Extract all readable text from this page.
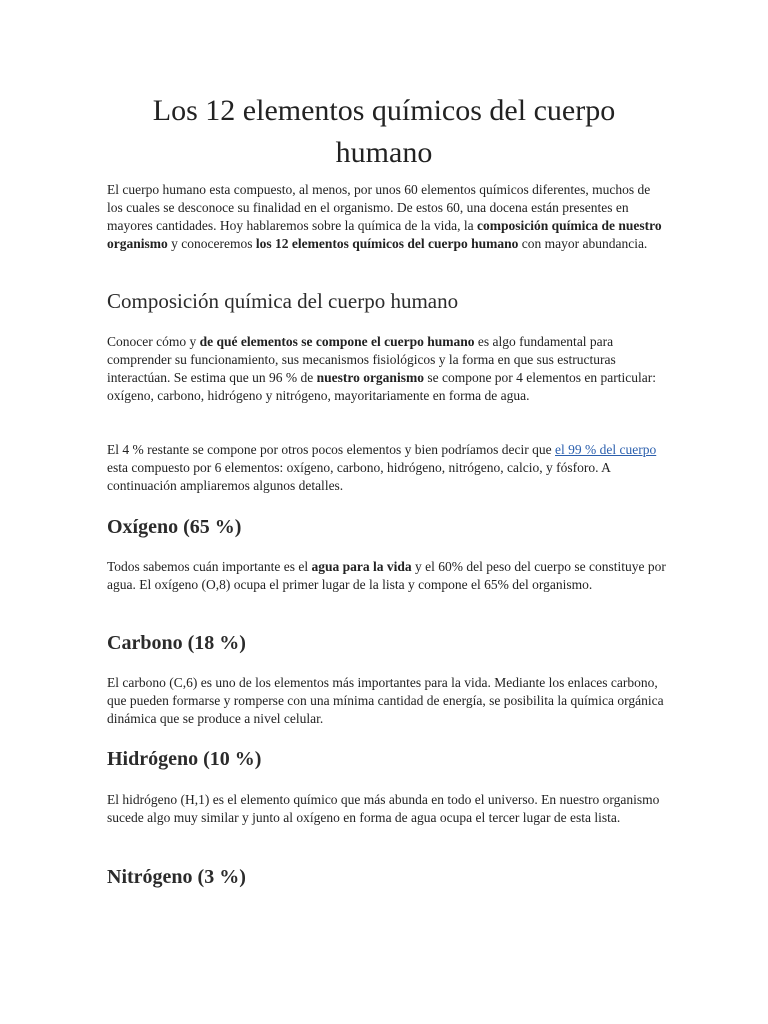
Los 12 elementos químicos del cuerpo
humano

El cuerpo humano esta compuesto, al menos, por unos 60 elementos químicos diferentes, muchos de los cuales se desconoce su finalidad en el organismo. De estos 60, una docena están presentes en mayores cantidades. Hoy hablaremos sobre la química de la vida, la composición química de nuestro organismo y conoceremos los 12 elementos químicos del cuerpo humano con mayor abundancia.

Composición química del cuerpo humano

Conocer cómo y de qué elementos se compone el cuerpo humano es algo fundamental para comprender su funcionamiento, sus mecanismos fisiológicos y la forma en que sus estructuras interactúan. Se estima que un 96 % de nuestro organismo se compone por 4 elementos en particular: oxígeno, carbono, hidrógeno y nitrógeno, mayoritariamente en forma de agua.

El 4 % restante se compone por otros pocos elementos y bien podríamos decir que el 99 % del cuerpo esta compuesto por 6 elementos: oxígeno, carbono, hidrógeno, nitrógeno, calcio, y fósforo. A continuación ampliaremos algunos detalles.

Oxígeno (65 %)

Todos sabemos cuán importante es el agua para la vida y el 60% del peso del cuerpo se constituye por agua. El oxígeno (O,8) ocupa el primer lugar de la lista y compone el 65% del organismo.

Carbono (18 %)

El carbono (C,6) es uno de los elementos más importantes para la vida. Mediante los enlaces carbono, que pueden formarse y romperse con una mínima cantidad de energía, se posibilita la química orgánica dinámica que se produce a nivel celular.

Hidrógeno (10 %)

El hidrógeno (H,1) es el elemento químico que más abunda en todo el universo. En nuestro organismo sucede algo muy similar y junto al oxígeno en forma de agua ocupa el tercer lugar de esta lista.

Nitrógeno (3 %)
